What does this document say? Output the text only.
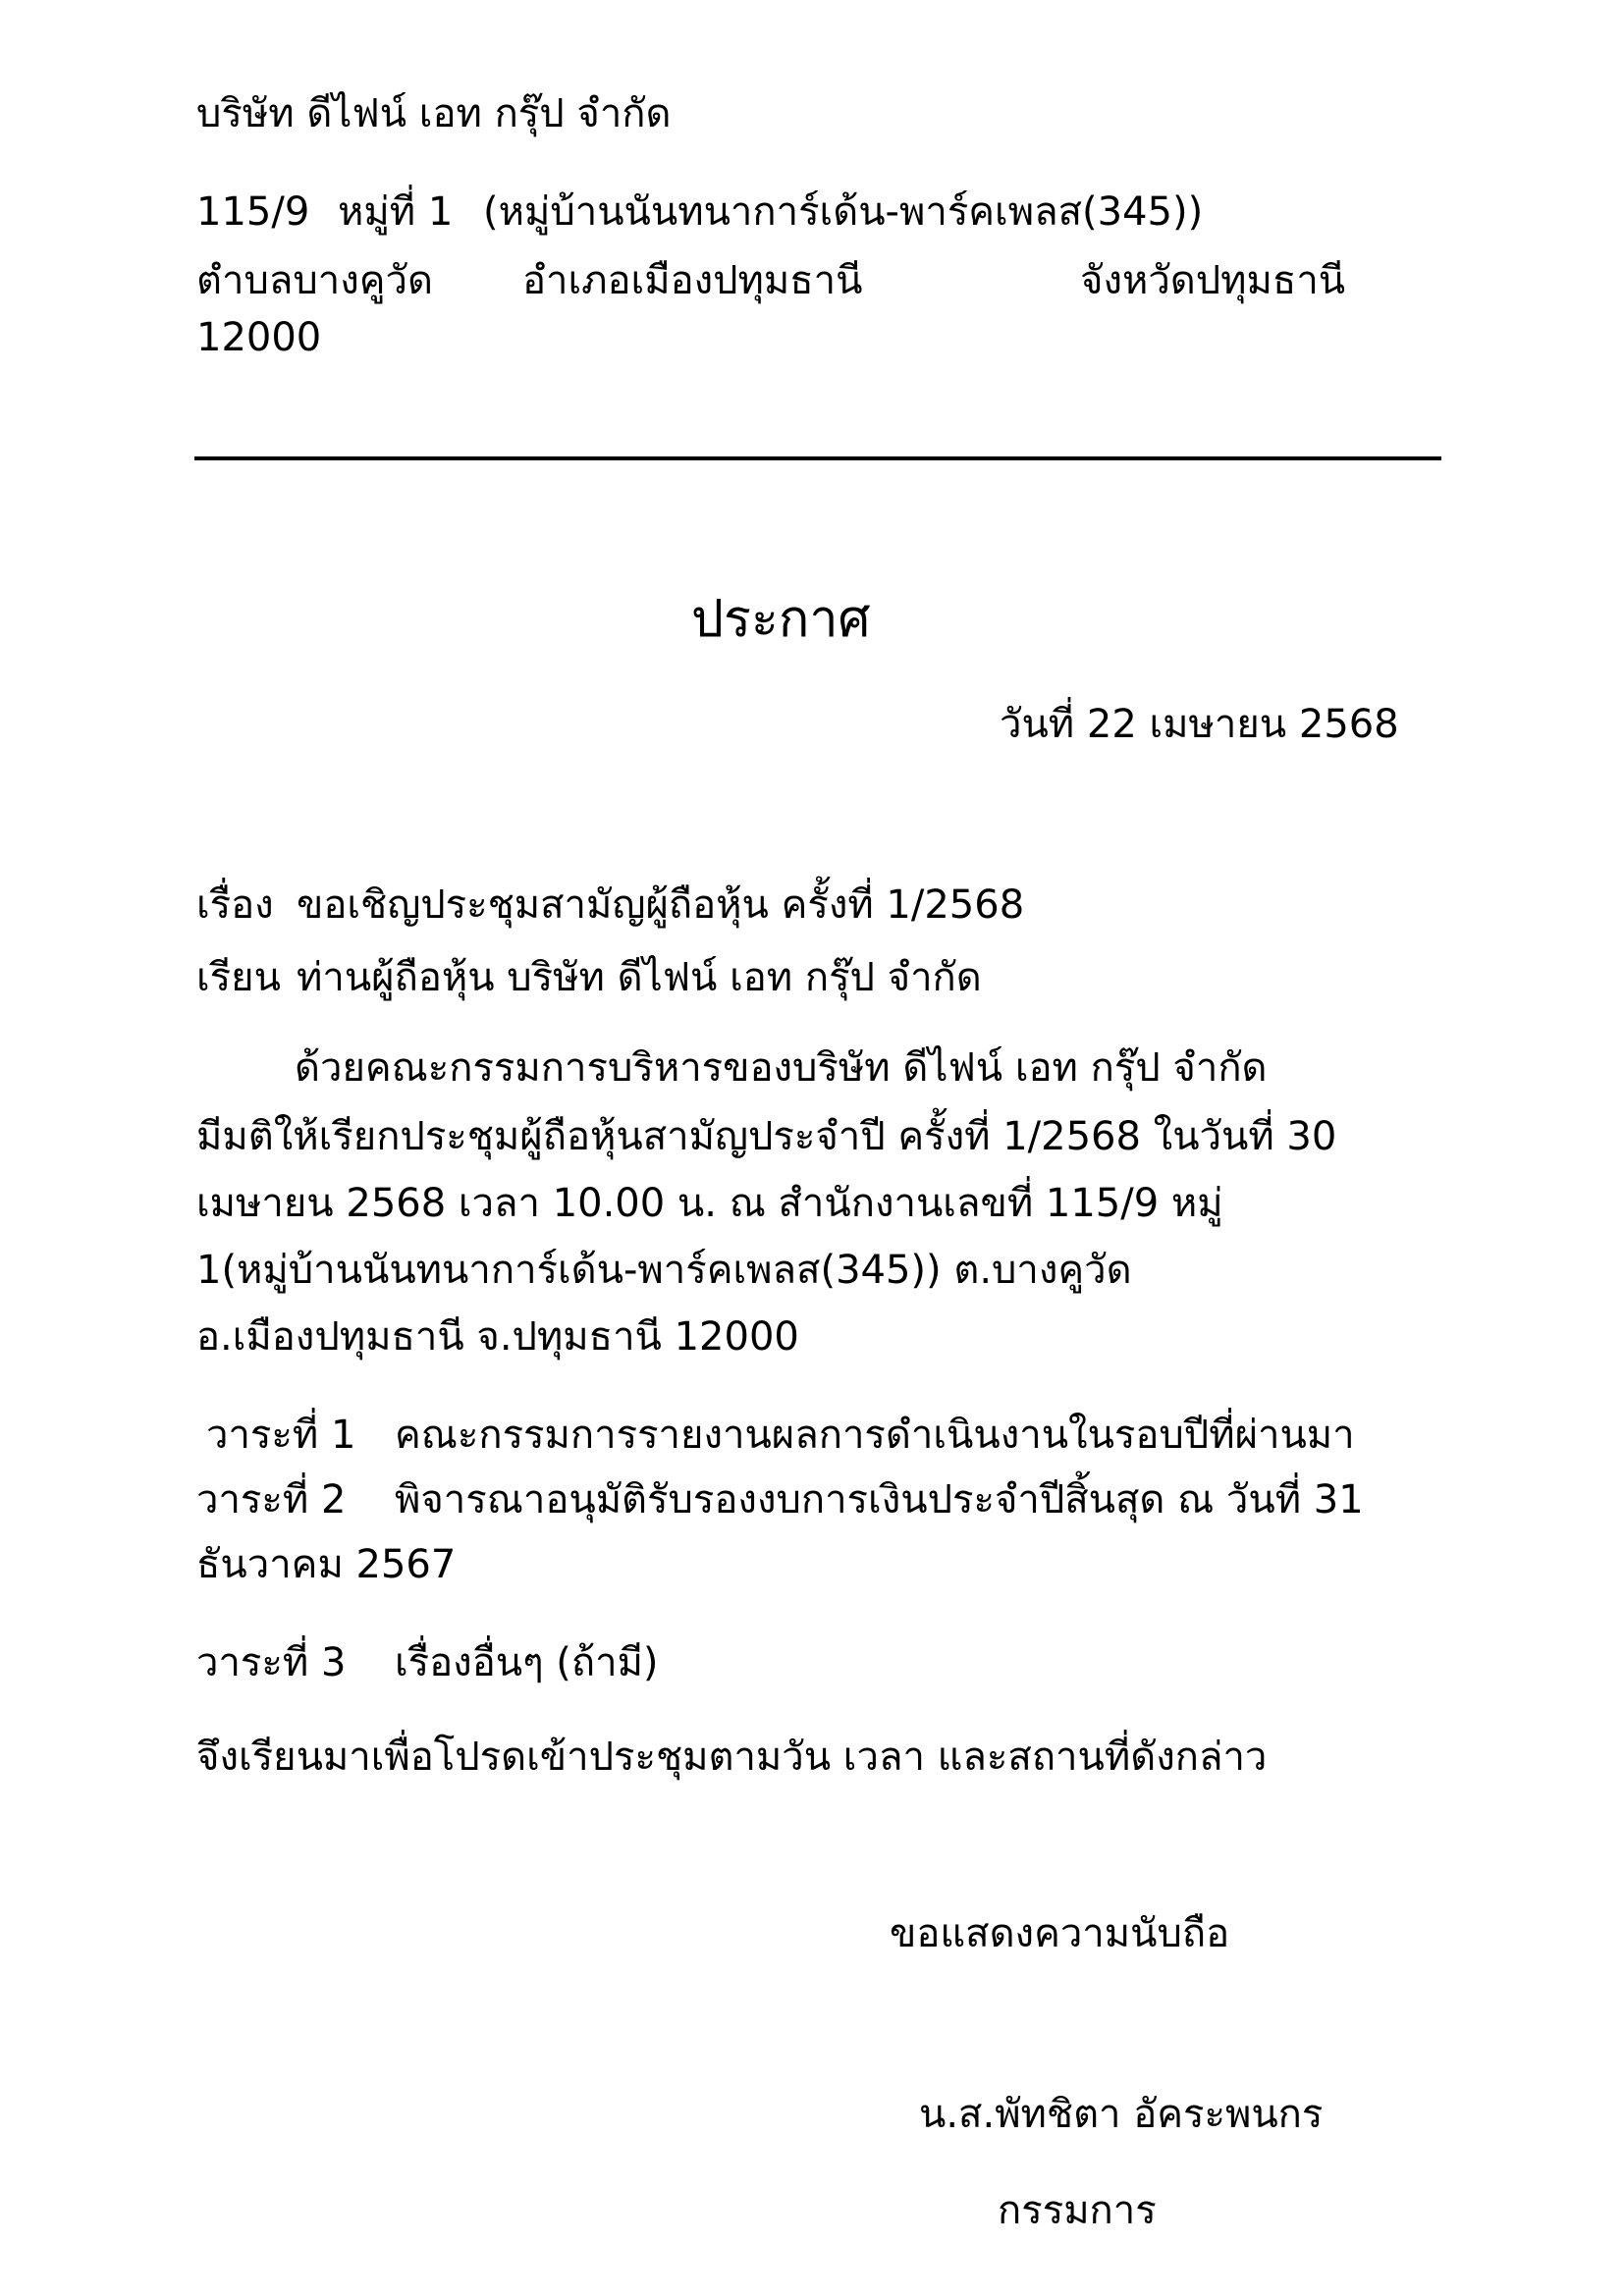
บริษัท ดีไฟน์ เอท กรุ๊ป จำกัด
115/9 หมู่ที่ 1 (หมู่บ้านนันทนาการ์เด้น-พาร์คเพลส(345))
ตำบลบางคูวัด อำเภอเมืองปทุมธานี	จังหวัดปทุมธานี
12000
ประกาศ
วันที่ 22 เมษายน 2568
เรื่อง ขอเชิญประชุมสามัญผู้ถือหุ้น ครั้งที่ 1/2568
เรียน ท่านผู้ถือหุ้น บริษัท ดีไฟน์ เอท กรุ๊ป จำกัด
ด้วยคณะกรรมการบริหารของบริษัท ดีไฟน์ เอท กรุ๊ป จำกัด
มีมติให้เรียกประชุมผู้ถือหุ้นสามัญประจำปี ครั้งที่ 1/2568 ในวันที่ 30
เมษายน 2568 เวลา 10.00 น. ณ สำนักงานเลขที่ 115/9 หมู่
1(หมู่บ้านนันทนาการ์เด้น-พาร์คเพลส(345)) ต.บางคูวัด
อ.เมืองปทุมธานี จ.ปทุมธานี 12000
วาระที่ 1 คณะกรรมการรายงานผลการดำเนินงานในรอบปีที่ผ่านมา
วาระที่ 2 พิจารณาอนุมัติรับรองงบการเงินประจำปีสิ้นสุด ณ วันที่ 31
ธันวาคม 2567
วาระที่ 3 เรื่องอื่นๆ (ถ้ามี)
จึงเรียนมาเพื่อโปรดเข้าประชุมตามวัน เวลา และสถานที่ดังกล่าว
ขอแสดงความนับถือ
น.ส.พัทชิตา อัคระพนกร
กรรมการ
